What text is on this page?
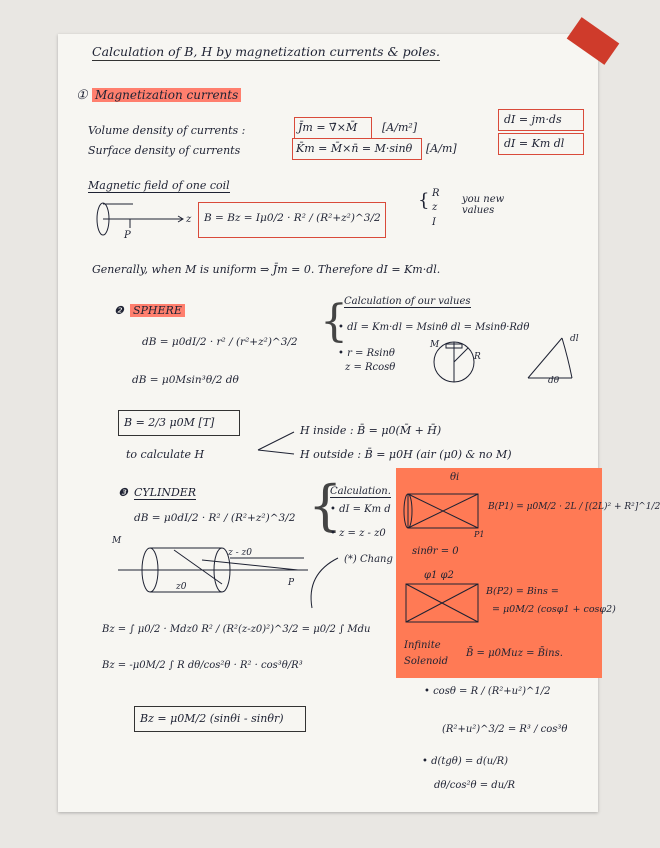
Calculation of B, H by magnetization currents & poles.
① Magnetization currents
Volume density of currents :	J̄m = ∇̄×M̄ [A/m²]
Surface density of currents	K̄m = M̄×n̄ = M·sinθ [A/m]
dI = jm·ds
dI = Km dl
Magnetic field of one coil
P
z B = Bz = Iμ0/2 · R² / (R²+z²)^3/2
{ R
z
I
you new values
Generally, when M is uniform ⇒ J̄m = 0. Therefore dI = Km·dl.
❷ SPHERE
dB = μ0dI/2 · r² / (r²+z²)^3/2
dB = μ0Msin³θ/2 dθ
{
Calculation of our values
• dI = Km·dl = Msinθ dl = Msinθ·Rdθ
• r = Rsinθ
z = Rcosθ
M
R
dl
dθ
B = 2/3 μ0M [T]
to calculate H
H inside : B̄ = μ0(M̄ + H̄)
H outside : B̄ = μ0H (air (μ0) & no M)
❸ CYLINDER
dB = μ0dI/2 · R² / (R²+z²)^3/2 {
Calculation.
• dI = Km d
• z = z - z0
(*) Chang
M
z - z0
z0	P
Bz = ∫ μ0/2 · Mdz0 R² / (R²(z-z0)²)^3/2 = μ0/2 ∫ Mdu
Bz = -μ0M/2 ∫ R dθ/cos²θ · R² · cos³θ/R³
Bz = μ0M/2 (sinθi - sinθr)
• cosθ = R / (R²+u²)^1/2
(R²+u²)^3/2 = R³ / cos³θ
• d(tgθ) = d(u/R)
dθ/cos²θ = du/R
θi
P1
B(P1) = μ0M/2 · 2L / [(2L)² + R²]^1/2
sinθr = 0
φ1 φ2
B(P2) = Bins =
= μ0M/2 (cosφ1 + cosφ2)
Infinite
Solenoid
B̄ = μ0Muz = B̄ins.
